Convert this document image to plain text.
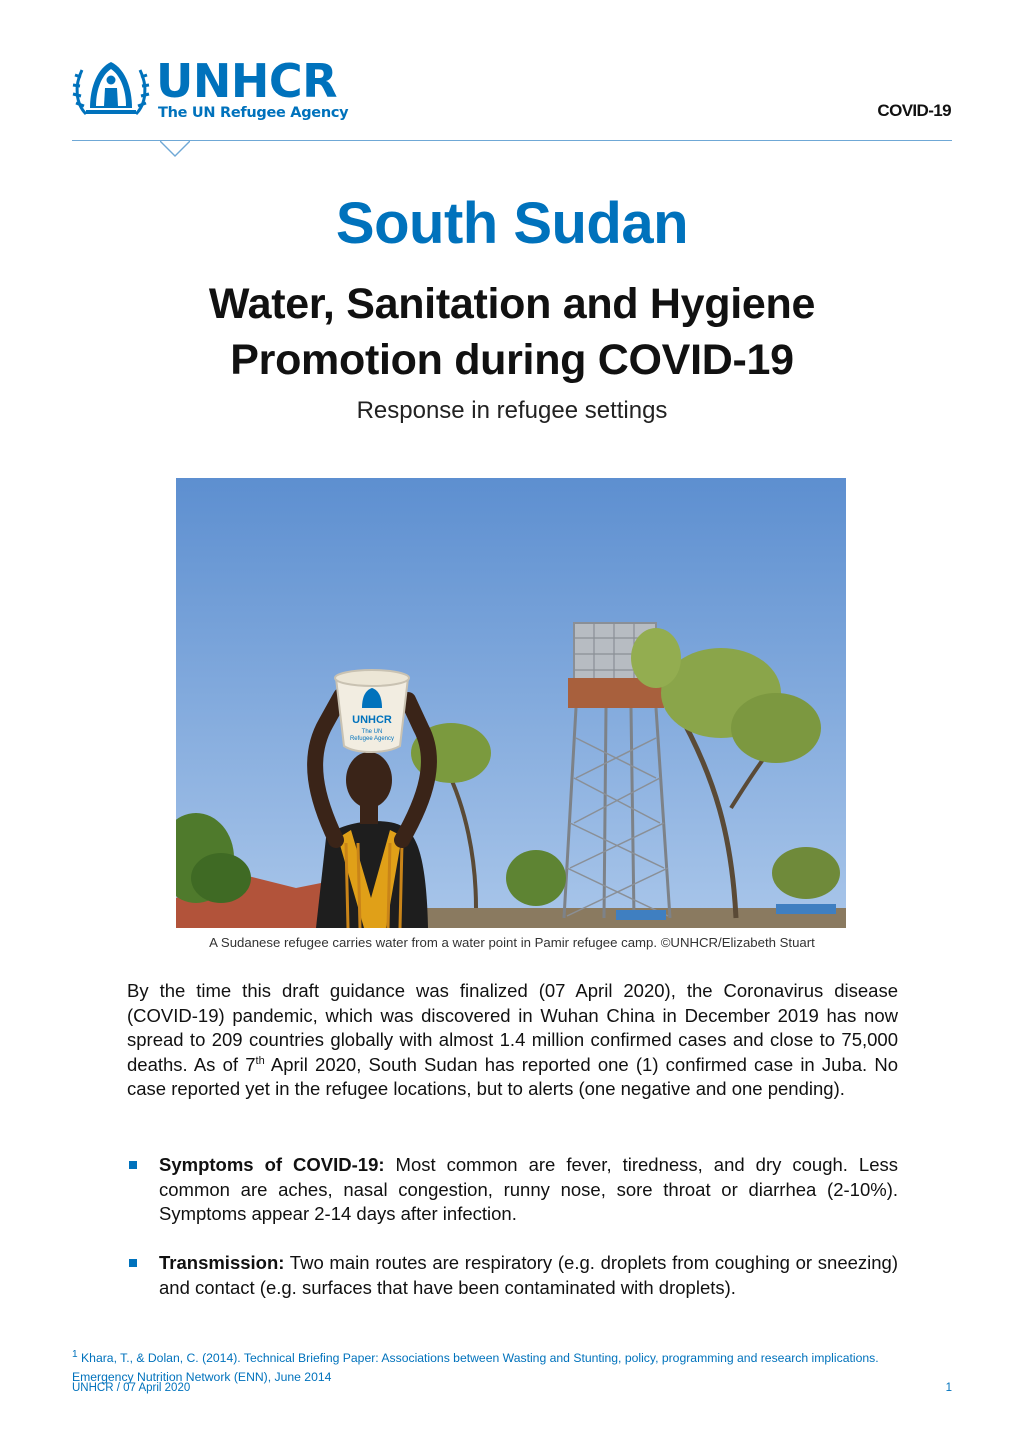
UNHCR
The UN Refugee Agency	COVID-19
South Sudan
Water, Sanitation and Hygiene
Promotion during COVID-19
Response in refugee settings
UNHCR
The UN
Refugee Agency
A Sudanese refugee carries water from a water point in Pamir refugee camp. ©UNHCR/Elizabeth Stuart

By the time this draft guidance was finalized (07 April 2020), the Coronavirus disease (COVID-19) pandemic, which was discovered in Wuhan China in December 2019 has now spread to 209 countries globally with almost 1.4 million confirmed cases and close to 75,000 deaths. As of 7th April 2020, South Sudan has reported one (1) confirmed case in Juba. No case reported yet in the refugee locations, but to alerts (one negative and one pending).

Symptoms of COVID-19: Most common are fever, tiredness, and dry cough. Less common are aches, nasal congestion, runny nose, sore throat or diarrhea (2-10%). Symptoms appear 2-14 days after infection.

Transmission: Two main routes are respiratory (e.g. droplets from coughing or sneezing) and contact (e.g. surfaces that have been contaminated with droplets).

$^1$ Khara, T., & Dolan, C. (2014). Technical Briefing Paper: Associations between Wasting and Stunting, policy, programming and research implications. Emergency Nutrition Network (ENN), June 2014

UNHCR / 07 April 2020	1
